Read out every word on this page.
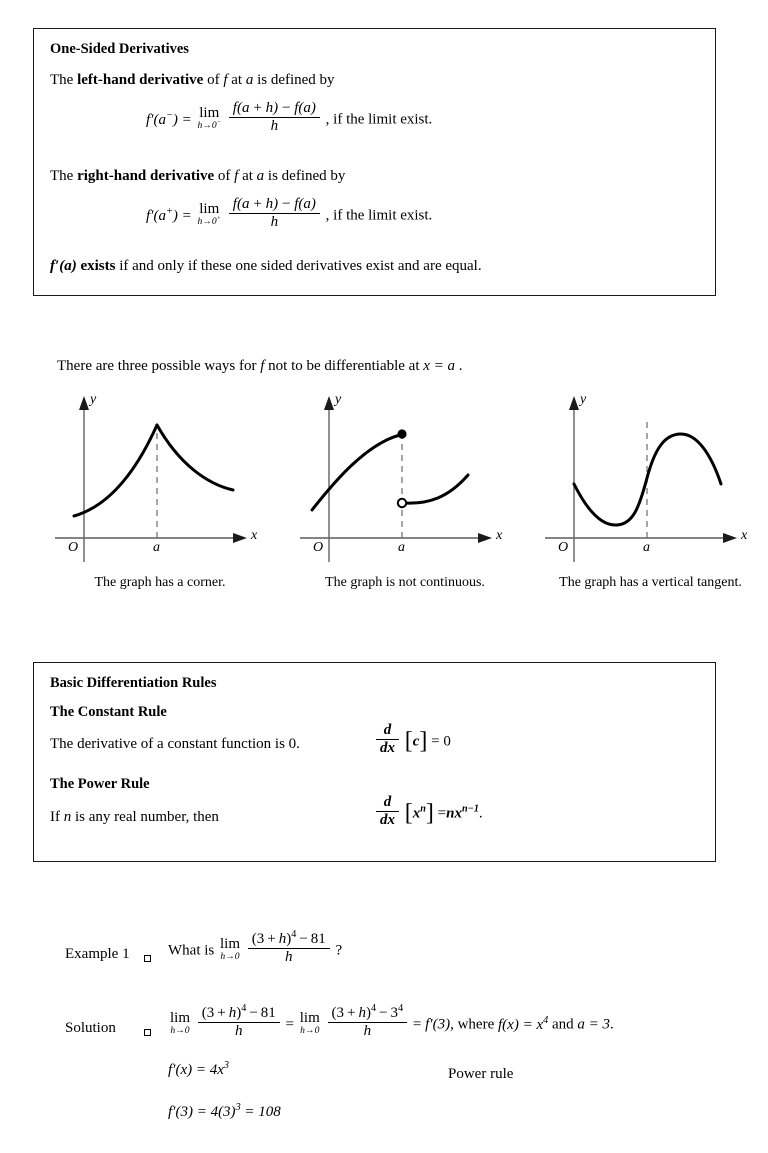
One-Sided Derivatives
The left-hand derivative of f at a is defined by
f′(a−) = lim
h→0−
$\frac{f(a + h) - f(a)}{h}$ , if the limit exist.
The right-hand derivative of f at a is defined by
f′(a+) = lim
h→0+
$\frac{f(a + h) - f(a)}{h}$ , if the limit exist.
f′(a) exists if and only if these one sided derivatives exist and are equal.
There are three possible ways for f not to be differentiable at x = a .
O	a
x
y
The graph has a corner.
O	a
x
y
The graph is not continuous.
O	a
x
y
The graph has a vertical tangent.
Basic Differentiation Rules
The Constant Rule
The derivative of a constant function is 0.	$\frac{d}{dx} [c] = 0$
The Power Rule
If n is any real number, then	$\frac{d}{dx} [x^n] =nx^{n-1}$.
Example 1	What is lim
h→0
$\frac{(3 + h)^4 - 81}{h}$ ?
Solution
lim
h→0
$\frac{(3 + h)^4 - 81}{h} = \lim$
h→0
$\frac{(3 + h)^4 - 3^4}{h} = f'(3)$, where $f(x) = x^4$ and a = 3.
$f'(x) = 4x^3$
Power rule
$f'(3) = 4(3)^3 = 108$
